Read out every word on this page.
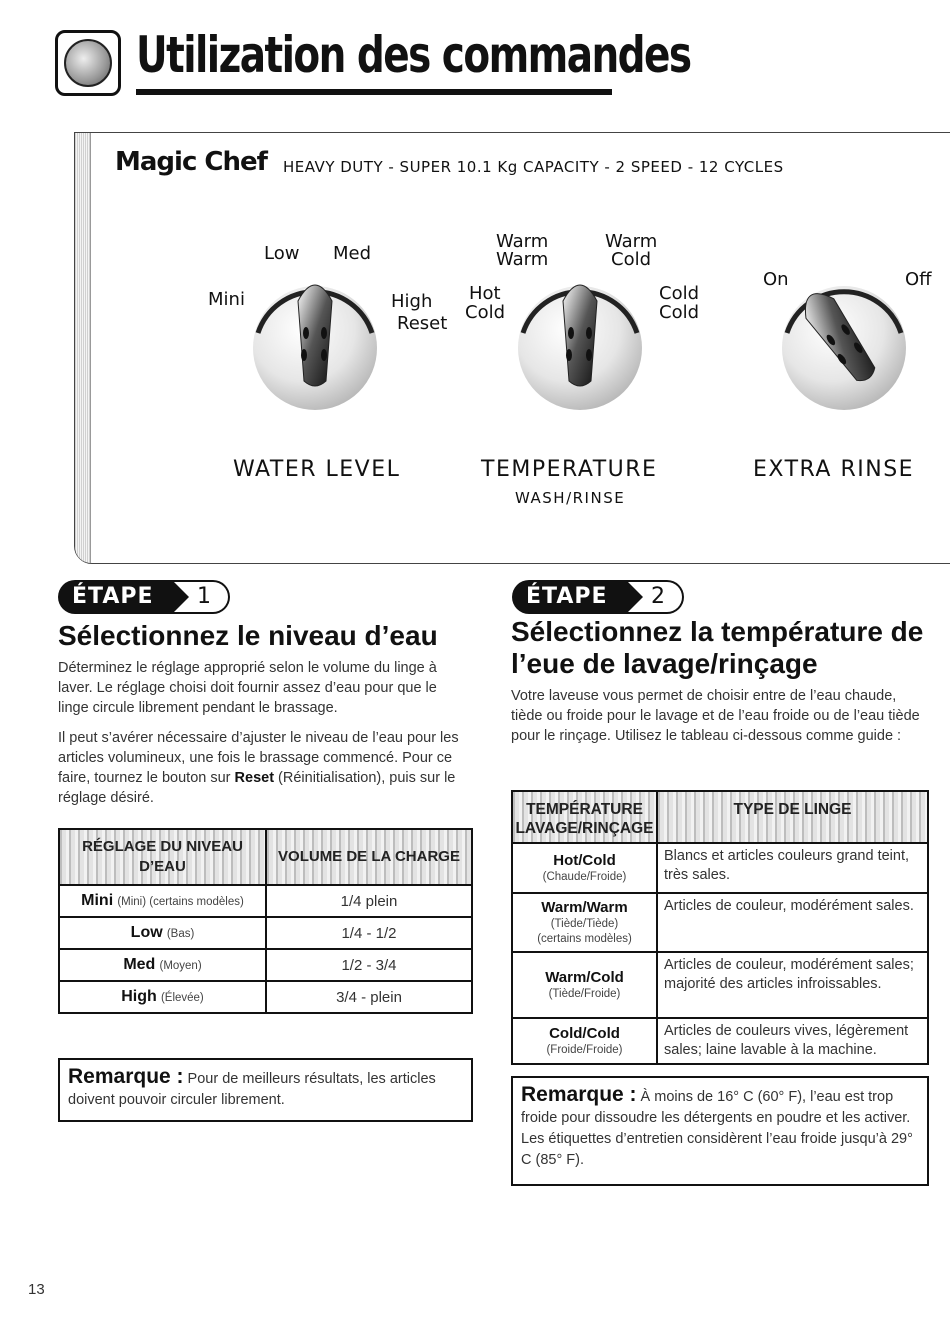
Utilization des commandes
Magic Chef HEAVY DUTY - SUPER 10.1 Kg CAPACITY - 2 SPEED - 12 CYCLES
Low Med
Mini	High
Reset
WATER LEVEL
Warm
Warm
Warm
Cold
Hot
Cold
Cold
Cold
TEMPERATURE
WASH/RINSE
On	Off
EXTRA RINSE
ÉTAPE	1
Sélectionnez le niveau d’eau
Déterminez le réglage approprié selon le volume du linge à laver. Le réglage choisi doit fournir assez d’eau pour que le linge circule librement pendant le brassage.
Il peut s’avérer nécessaire d’ajuster le niveau de l’eau pour les articles volumineux, une fois le brassage commencé. Pour ce faire, tournez le bouton sur Reset (Réinitialisation), puis sur le réglage désiré.
RÉGLAGE DU NIVEAU D’EAU	VOLUME DE LA CHARGE
Mini (Mini) (certains modèles)	1/4 plein
Low (Bas)	1/4 - 1/2
Med (Moyen)	1/2 - 3/4
High (Élevée)	3/4 - plein
Remarque : Pour de meilleurs résultats, les articles doivent pouvoir circuler librement.
ÉTAPE	2
Sélectionnez la température de l’eue de lavage/rinçage
Votre laveuse vous permet de choisir entre de l’eau chaude, tiède ou froide pour le lavage et de l’eau froide ou de l’eau tiède pour le rinçage. Utilisez le tableau ci-dessous comme guide :
TEMPÉRATURE LAVAGE/RINÇAGE	TYPE DE LINGE

Hot/Cold
(Chaude/Froide)	Blancs et articles couleurs grand teint, très sales.

Warm/Warm
(Tiède/Tiède)
(certains modèles)	Articles de couleur, modérément sales.

Warm/Cold
(Tiède/Froide)	Articles de couleur, modérément sales; majorité des articles infroissables.

Cold/Cold
(Froide/Froide)	Articles de couleurs vives, légèrement sales; laine lavable à la machine.
Remarque : À moins de 16° C (60° F), l’eau est trop froide pour dissoudre les détergents en poudre et les activer. Les étiquettes d’entretien considèrent l’eau froide jusqu’à 29° C (85° F).
13
